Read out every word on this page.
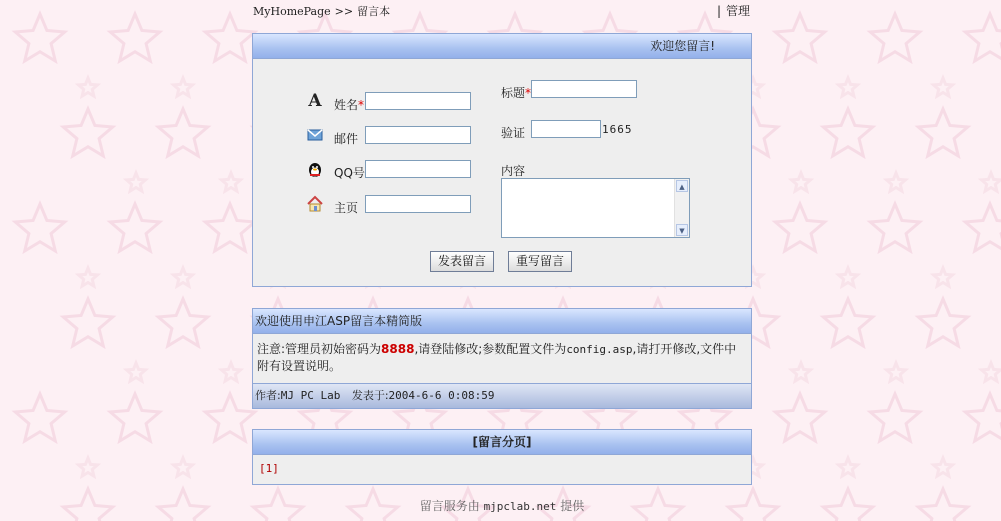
MyHomePage >> 留言本	| 管理
欢迎您留言!
A 姓名*
邮件
QQ号
主页
标题*
验证	1665
内容
▲
▼
发表留言	重写留言
欢迎使用申江ASP留言本精简版
注意:管理员初始密码为8888,请登陆修改;参数配置文件为config.asp,请打开修改,文件中附有设置说明。
作者:MJ PC Lab 发表于:2004-6-6 0:08:59
[留言分页]
[1]
留言服务由 mjpclab.net 提供
